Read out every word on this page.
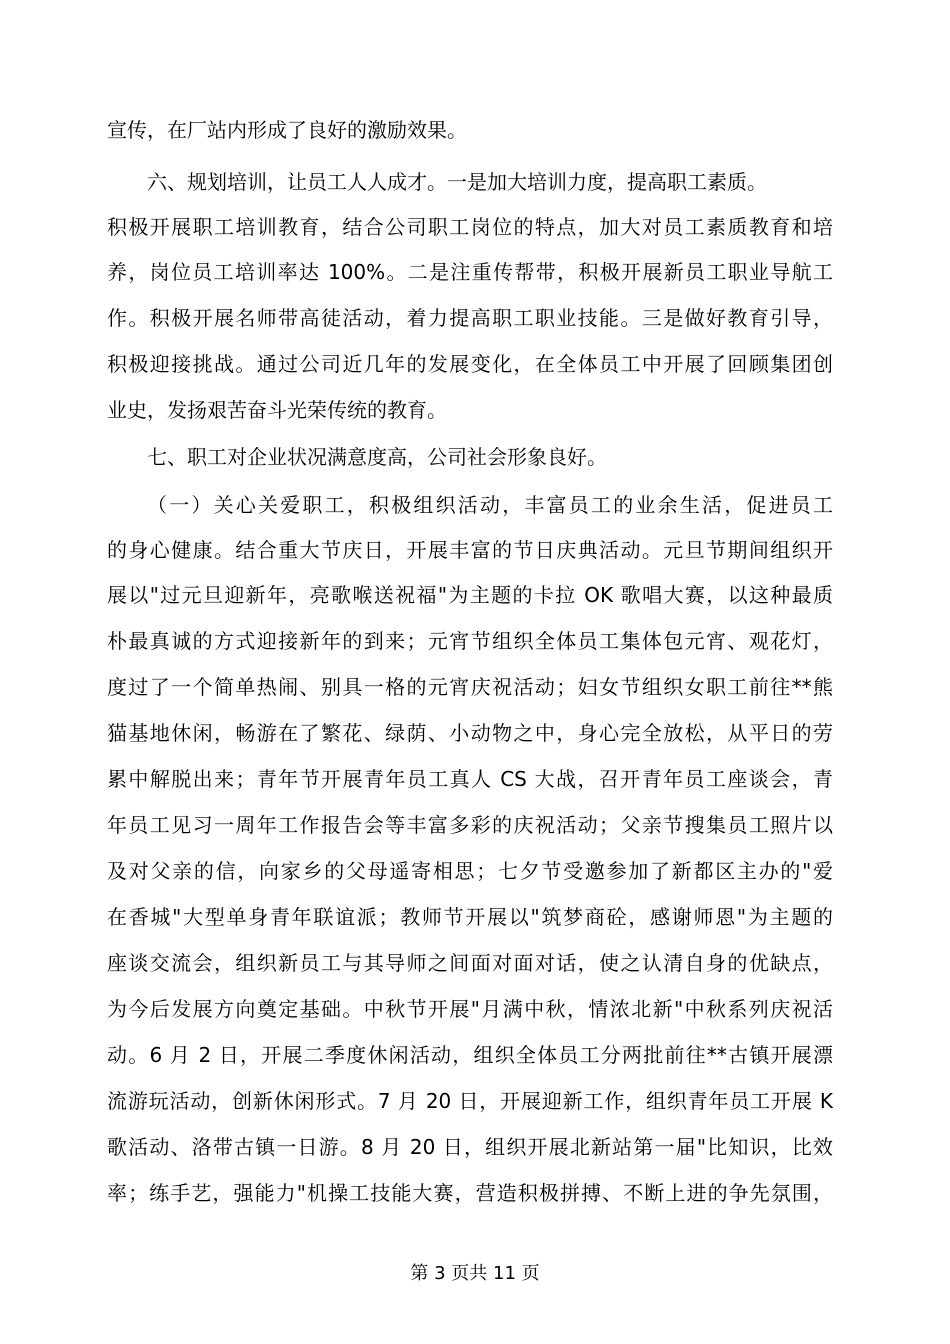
宣传，在厂站内形成了良好的激励效果。
六、规划培训，让员工人人成才。一是加大培训力度，提高职工素质。
积极开展职工培训教育，结合公司职工岗位的特点，加大对员工素质教育和培
养，岗位员工培训率达 100%。二是注重传帮带，积极开展新员工职业导航工
作。积极开展名师带高徒活动，着力提高职工职业技能。三是做好教育引导，
积极迎接挑战。通过公司近几年的发展变化，在全体员工中开展了回顾集团创
业史，发扬艰苦奋斗光荣传统的教育。
七、职工对企业状况满意度高，公司社会形象良好。
（一）关心关爱职工，积极组织活动，丰富员工的业余生活，促进员工
的身心健康。结合重大节庆日，开展丰富的节日庆典活动。元旦节期间组织开
展以"过元旦迎新年，亮歌喉送祝福"为主题的卡拉 OK 歌唱大赛，以这种最质
朴最真诚的方式迎接新年的到来；元宵节组织全体员工集体包元宵、观花灯，
度过了一个简单热闹、别具一格的元宵庆祝活动；妇女节组织女职工前往**熊
猫基地休闲，畅游在了繁花、绿荫、小动物之中，身心完全放松，从平日的劳
累中解脱出来；青年节开展青年员工真人 CS 大战，召开青年员工座谈会，青
年员工见习一周年工作报告会等丰富多彩的庆祝活动；父亲节搜集员工照片以
及对父亲的信，向家乡的父母遥寄相思；七夕节受邀参加了新都区主办的"爱
在香城"大型单身青年联谊派；教师节开展以"筑梦商砼，感谢师恩"为主题的
座谈交流会，组织新员工与其导师之间面对面对话，使之认清自身的优缺点，
为今后发展方向奠定基础。中秋节开展"月满中秋，情浓北新"中秋系列庆祝活
动。6 月 2 日，开展二季度休闲活动，组织全体员工分两批前往**古镇开展漂
流游玩活动，创新休闲形式。7 月 20 日，开展迎新工作，组织青年员工开展 K
歌活动、洛带古镇一日游。8 月 20 日，组织开展北新站第一届"比知识，比效
率；练手艺，强能力"机操工技能大赛，营造积极拼搏、不断上进的争先氛围，
第 3 页共 11 页
